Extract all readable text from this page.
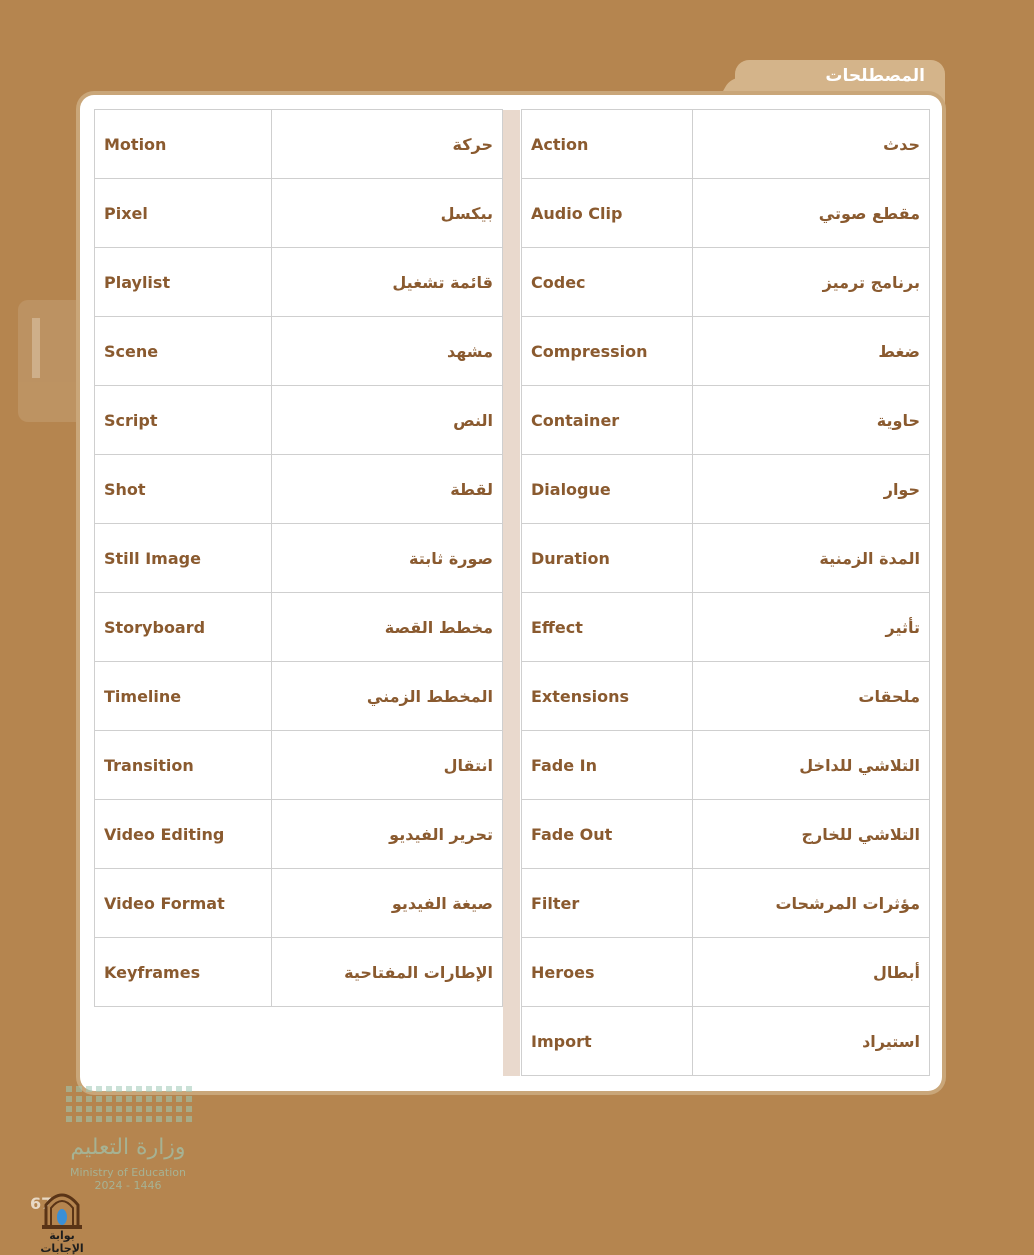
المصطلحات
Motion	حركة
Pixel	بيكسل
Playlist	قائمة تشغيل
Scene	مشهد
Script	النص
Shot	لقطة
Still Image	صورة ثابتة
Storyboard	مخطط القصة
Timeline	المخطط الزمني
Transition	انتقال
Video Editing	تحرير الفيديو
Video Format	صيغة الفيديو
Keyframes	الإطارات المفتاحية
Action	حدث
Audio Clip	مقطع صوتي
Codec	برنامج ترميز
Compression	ضغط
Container	حاوية
Dialogue	حوار
Duration	المدة الزمنية
Effect	تأثير
Extensions	ملحقات
Fade In	التلاشي للداخل
Fade Out	التلاشي للخارج
Filter	مؤثرات المرشحات
Heroes	أبطال
Import	استيراد
وزارة التعليم
Ministry of Education
2024 - 1446
67
بوابة الإجابات
